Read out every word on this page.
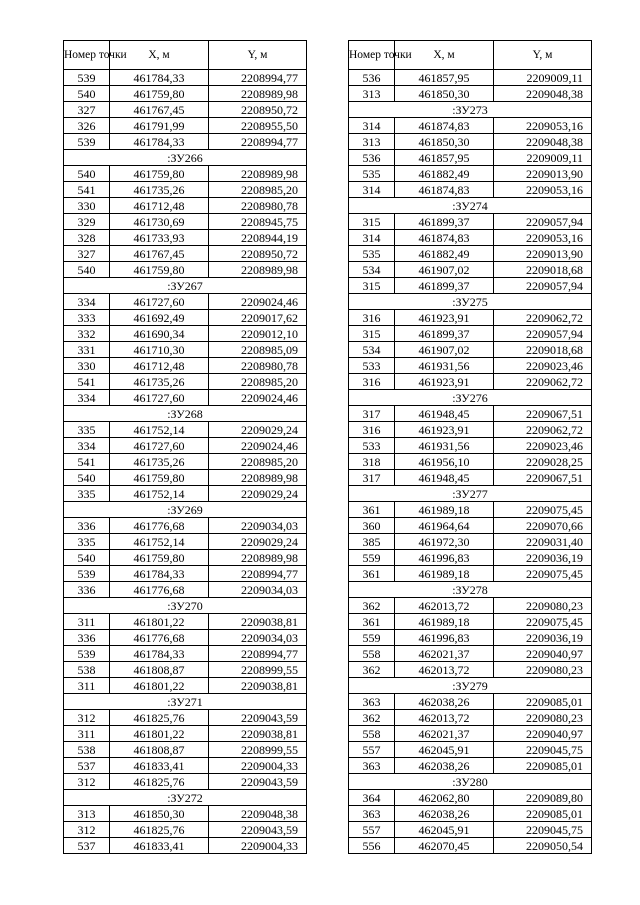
Номер точки	X, м	Y, м
539	461784,33	2208994,77
540	461759,80	2208989,98
327	461767,45	2208950,72
326	461791,99	2208955,50
539	461784,33	2208994,77
:ЗУ266		
540	461759,80	2208989,98
541	461735,26	2208985,20
330	461712,48	2208980,78
329	461730,69	2208945,75
328	461733,93	2208944,19
327	461767,45	2208950,72
540	461759,80	2208989,98
:ЗУ267		
334	461727,60	2209024,46
333	461692,49	2209017,62
332	461690,34	2209012,10
331	461710,30	2208985,09
330	461712,48	2208980,78
541	461735,26	2208985,20
334	461727,60	2209024,46
:ЗУ268		
335	461752,14	2209029,24
334	461727,60	2209024,46
541	461735,26	2208985,20
540	461759,80	2208989,98
335	461752,14	2209029,24
:ЗУ269		
336	461776,68	2209034,03
335	461752,14	2209029,24
540	461759,80	2208989,98
539	461784,33	2208994,77
336	461776,68	2209034,03
:ЗУ270		
311	461801,22	2209038,81
336	461776,68	2209034,03
539	461784,33	2208994,77
538	461808,87	2208999,55
311	461801,22	2209038,81
:ЗУ271		
312	461825,76	2209043,59
311	461801,22	2209038,81
538	461808,87	2208999,55
537	461833,41	2209004,33
312	461825,76	2209043,59
:ЗУ272		
313	461850,30	2209048,38
312	461825,76	2209043,59
537	461833,41	2209004,33
Номер точки	X, м	Y, м
536	461857,95	2209009,11
313	461850,30	2209048,38
:ЗУ273		
314	461874,83	2209053,16
313	461850,30	2209048,38
536	461857,95	2209009,11
535	461882,49	2209013,90
314	461874,83	2209053,16
:ЗУ274		
315	461899,37	2209057,94
314	461874,83	2209053,16
535	461882,49	2209013,90
534	461907,02	2209018,68
315	461899,37	2209057,94
:ЗУ275		
316	461923,91	2209062,72
315	461899,37	2209057,94
534	461907,02	2209018,68
533	461931,56	2209023,46
316	461923,91	2209062,72
:ЗУ276		
317	461948,45	2209067,51
316	461923,91	2209062,72
533	461931,56	2209023,46
318	461956,10	2209028,25
317	461948,45	2209067,51
:ЗУ277		
361	461989,18	2209075,45
360	461964,64	2209070,66
385	461972,30	2209031,40
559	461996,83	2209036,19
361	461989,18	2209075,45
:ЗУ278		
362	462013,72	2209080,23
361	461989,18	2209075,45
559	461996,83	2209036,19
558	462021,37	2209040,97
362	462013,72	2209080,23
:ЗУ279		
363	462038,26	2209085,01
362	462013,72	2209080,23
558	462021,37	2209040,97
557	462045,91	2209045,75
363	462038,26	2209085,01
:ЗУ280		
364	462062,80	2209089,80
363	462038,26	2209085,01
557	462045,91	2209045,75
556	462070,45	2209050,54
